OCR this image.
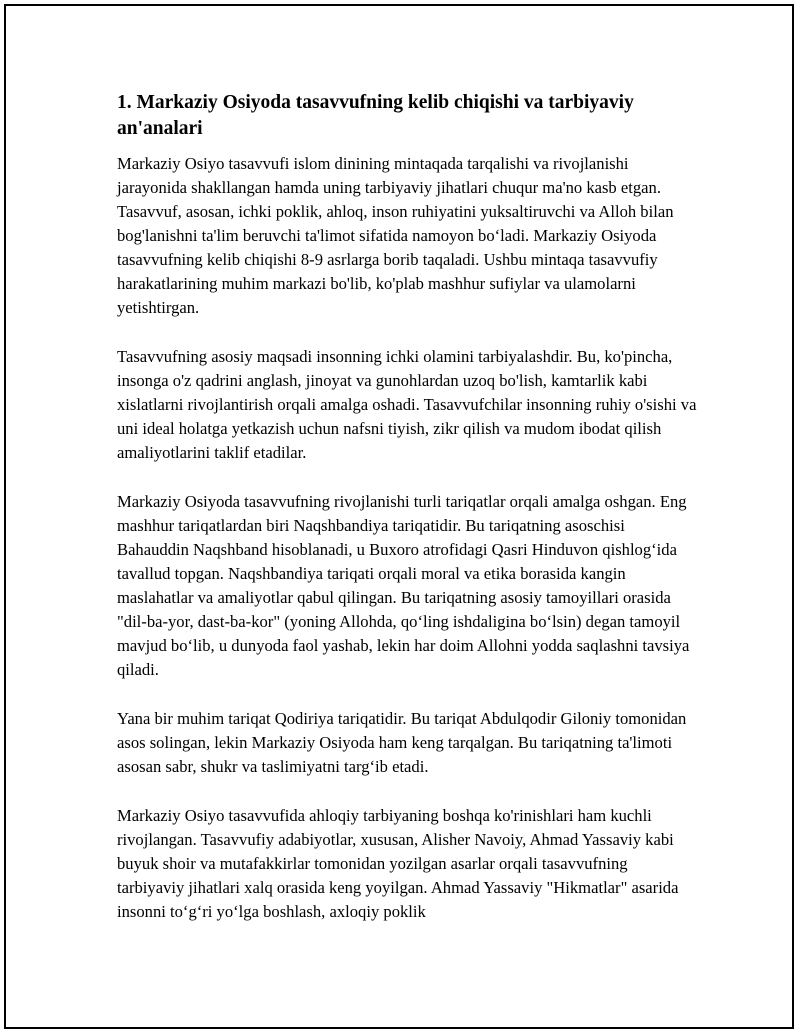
1. Markaziy Osiyoda tasavvufning kelib chiqishi va tarbiyaviy an'analari

Markaziy Osiyo tasavvufi islom dinining mintaqada tarqalishi va rivojlanishi jarayonida shakllangan hamda uning tarbiyaviy jihatlari chuqur ma'no kasb etgan. Tasavvuf, asosan, ichki poklik, ahloq, inson ruhiyatini yuksaltiruvchi va Alloh bilan bog'lanishni ta'lim beruvchi ta'limot sifatida namoyon bo‘ladi. Markaziy Osiyoda tasavvufning kelib chiqishi 8-9 asrlarga borib taqaladi. Ushbu mintaqa tasavvufiy harakatlarining muhim markazi bo'lib, ko'plab mashhur sufiylar va ulamolarni yetishtirgan.

Tasavvufning asosiy maqsadi insonning ichki olamini tarbiyalashdir. Bu, ko'pincha, insonga o'z qadrini anglash, jinoyat va gunohlardan uzoq bo'lish, kamtarlik kabi xislatlarni rivojlantirish orqali amalga oshadi. Tasavvufchilar insonning ruhiy o'sishi va uni ideal holatga yetkazish uchun nafsni tiyish, zikr qilish va mudom ibodat qilish amaliyotlarini taklif etadilar.

Markaziy Osiyoda tasavvufning rivojlanishi turli tariqatlar orqali amalga oshgan. Eng mashhur tariqatlardan biri Naqshbandiya tariqatidir. Bu tariqatning asoschisi Bahauddin Naqshband hisoblanadi, u Buxoro atrofidagi Qasri Hinduvon qishlog‘ida tavallud topgan. Naqshbandiya tariqati orqali moral va etika borasida kangin maslahatlar va amaliyotlar qabul qilingan. Bu tariqatning asosiy tamoyillari orasida "dil-ba-yor, dast-ba-kor" (yoning Allohda, qo‘ling ishdaligina bo‘lsin) degan tamoyil mavjud bo‘lib, u dunyoda faol yashab, lekin har doim Allohni yodda saqlashni tavsiya qiladi.

Yana bir muhim tariqat Qodiriya tariqatidir. Bu tariqat Abdulqodir Giloniy tomonidan asos solingan, lekin Markaziy Osiyoda ham keng tarqalgan. Bu tariqatning ta'limoti asosan sabr, shukr va taslimiyatni targ‘ib etadi.

Markaziy Osiyo tasavvufida ahloqiy tarbiyaning boshqa ko'rinishlari ham kuchli rivojlangan. Tasavvufiy adabiyotlar, xususan, Alisher Navoiy, Ahmad Yassaviy kabi buyuk shoir va mutafakkirlar tomonidan yozilgan asarlar orqali tasavvufning tarbiyaviy jihatlari xalq orasida keng yoyilgan. Ahmad Yassaviy "Hikmatlar" asarida insonni to‘g‘ri yo‘lga boshlash, axloqiy poklik
